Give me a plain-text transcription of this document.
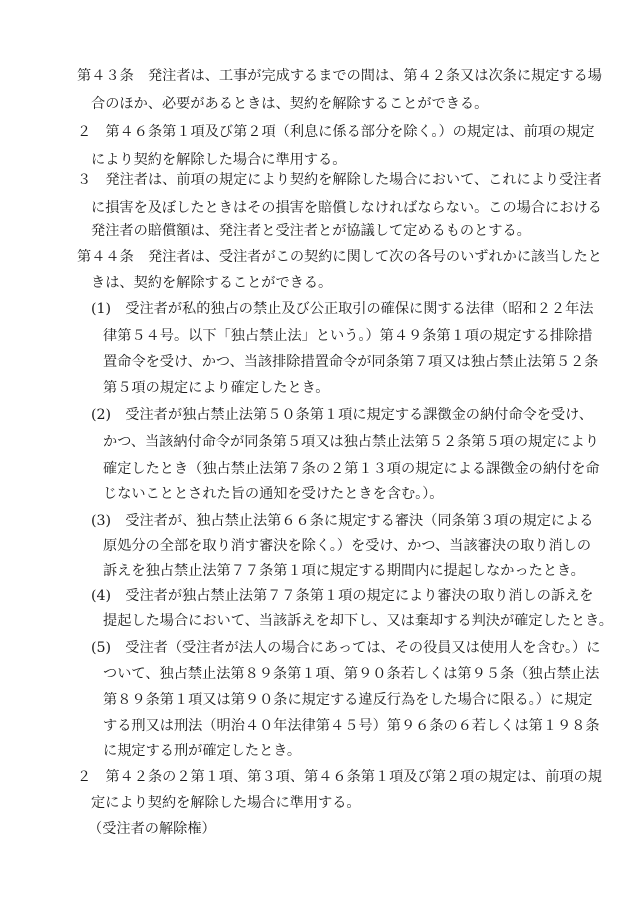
第４３条　発注者は、工事が完成するまでの間は、第４２条又は次条に規定する場
合のほか、必要があるときは、契約を解除することができる。
２　第４６条第１項及び第２項（利息に係る部分を除く。）の規定は、前項の規定
により契約を解除した場合に準用する。
３　発注者は、前項の規定により契約を解除した場合において、これにより受注者
に損害を及ぼしたときはその損害を賠償しなければならない。この場合における
発注者の賠償額は、発注者と受注者とが協議して定めるものとする。
第４４条　発注者は、受注者がこの契約に関して次の各号のいずれかに該当したと
きは、契約を解除することができる。
(1)　受注者が私的独占の禁止及び公正取引の確保に関する法律（昭和２２年法
律第５４号。以下「独占禁止法」という。）第４９条第１項の規定する排除措
置命令を受け、かつ、当該排除措置命令が同条第７項又は独占禁止法第５２条
第５項の規定により確定したとき。
(2)　受注者が独占禁止法第５０条第１項に規定する課徴金の納付命令を受け、
かつ、当該納付命令が同条第５項又は独占禁止法第５２条第５項の規定により
確定したとき（独占禁止法第７条の２第１３項の規定による課徴金の納付を命
じないこととされた旨の通知を受けたときを含む。）。
(3)　受注者が、独占禁止法第６６条に規定する審決（同条第３項の規定による
原処分の全部を取り消す審決を除く。）を受け、かつ、当該審決の取り消しの
訴えを独占禁止法第７７条第１項に規定する期間内に提起しなかったとき。
(4)　受注者が独占禁止法第７７条第１項の規定により審決の取り消しの訴えを
提起した場合において、当該訴えを却下し、又は棄却する判決が確定したとき。
(5)　受注者（受注者が法人の場合にあっては、その役員又は使用人を含む。）に
ついて、独占禁止法第８９条第１項、第９０条若しくは第９５条（独占禁止法
第８９条第１項又は第９０条に規定する違反行為をした場合に限る。）に規定
する刑又は刑法（明治４０年法律第４５号）第９６条の６若しくは第１９８条
に規定する刑が確定したとき。
２　第４２条の２第１項、第３項、第４６条第１項及び第２項の規定は、前項の規
定により契約を解除した場合に準用する。
（受注者の解除権）
